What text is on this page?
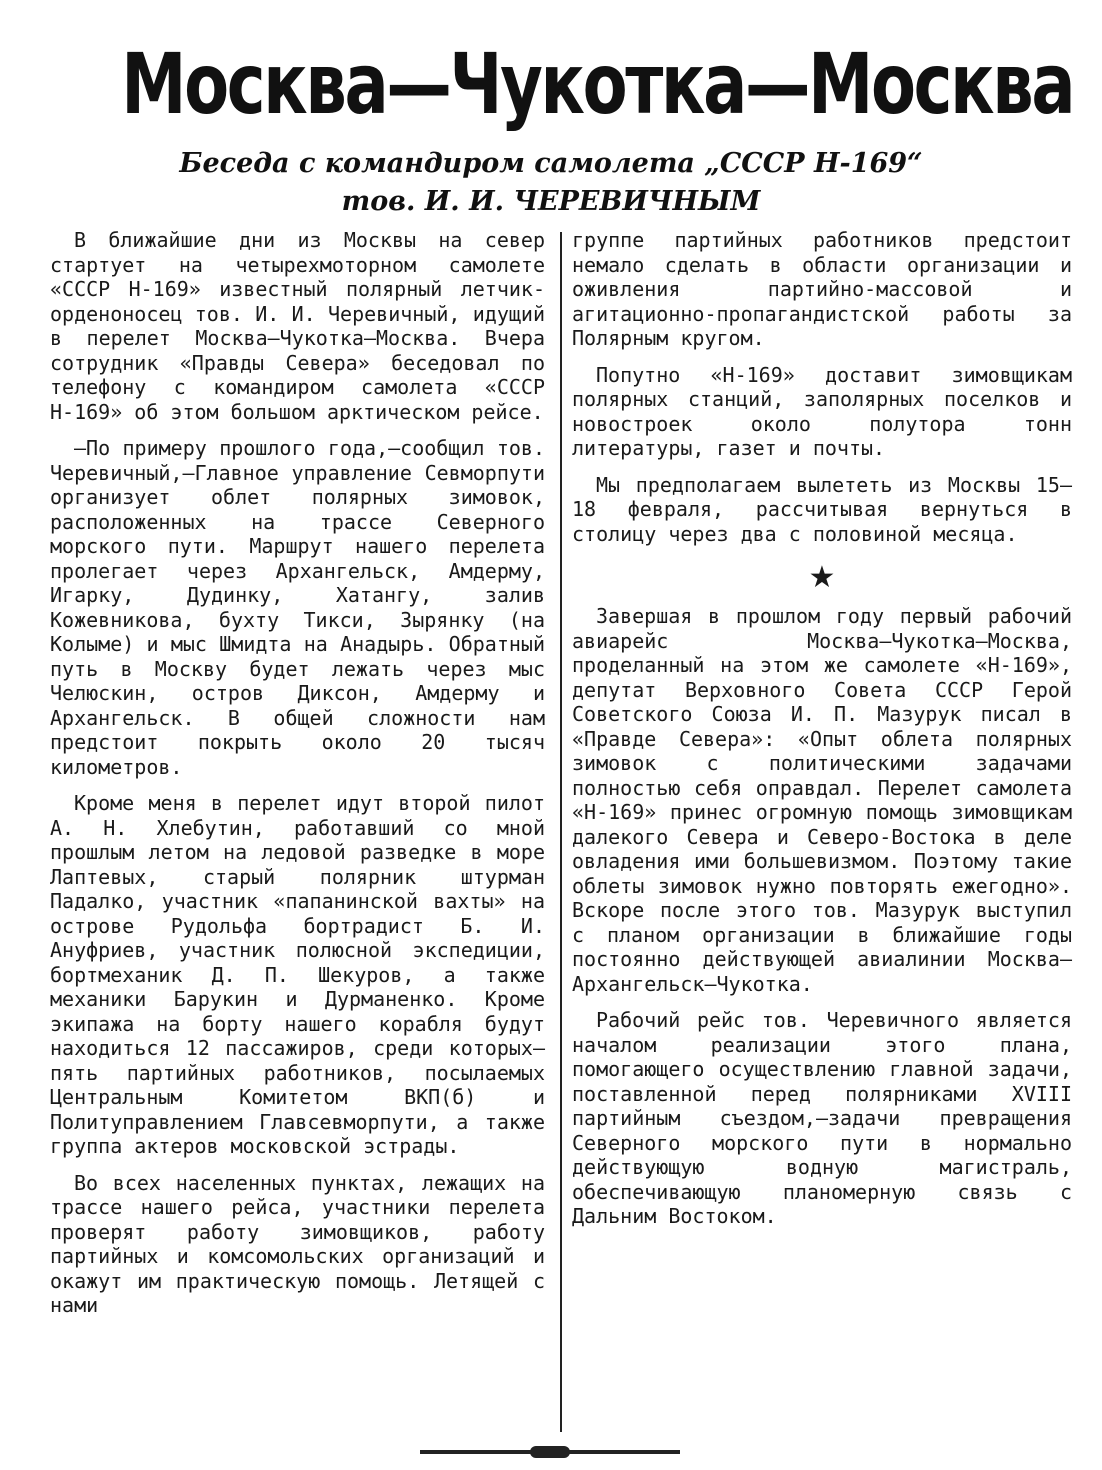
Москва—Чукотка—Москва
Беседа с командиром самолета „СССР Н-169“
тов. И. И. ЧЕРЕВИЧНЫМ

В ближайшие дни из Москвы на север стартует на четырехмоторном самолете «СССР Н-169» известный полярный летчик-орденоносец тов. И. И. Черевичный, идущий в перелет Москва—Чукотка—Москва. Вчера сотрудник «Правды Севера» беседовал по телефону с командиром самолета «СССР Н-169» об этом большом арктическом рейсе.

—По примеру прошлого года,—сообщил тов. Черевичный,—Главное управление Севморпути организует облет полярных зимовок, расположенных на трассе Северного морского пути. Маршрут нашего перелета пролегает через Архангельск, Амдерму, Игарку, Дудинку, Хатангу, залив Кожевникова, бухту Тикси, Зырянку (на Колыме) и мыс Шмидта на Анадырь. Обратный путь в Москву будет лежать через мыс Челюскин, остров Диксон, Амдерму и Архангельск. В общей сложности нам предстоит покрыть около 20 тысяч километров.

Кроме меня в перелет идут второй пилот А. Н. Хлебутин, работавший со мной прошлым летом на ледовой разведке в море Лаптевых, старый полярник штурман Падалко, участник «папанинской вахты» на острове Рудольфа бортрадист Б. И. Ануфриев, участник полюсной экспедиции, бортмеханик Д. П. Шекуров, а также механики Барукин и Дурманенко. Кроме экипажа на борту нашего корабля будут находиться 12 пассажиров, среди которых—пять партийных работников, посылаемых Центральным Комитетом ВКП(б) и Политуправлением Главсевморпути, а также группа актеров московской эстрады.

Во всех населенных пунктах, лежащих на трассе нашего рейса, участники перелета проверят работу зимовщиков, работу партийных и комсомольских организаций и окажут им практическую помощь. Летящей с нами

группе партийных работников предстоит немало сделать в области организации и оживления партийно-массовой и агитационно-пропагандистской работы за Полярным кругом.

Попутно «Н-169» доставит зимовщикам полярных станций, заполярных поселков и новостроек около полутора тонн литературы, газет и почты.

Мы предполагаем вылететь из Москвы 15—18 февраля, рассчитывая вернуться в столицу через два с половиной месяца.

★

Завершая в прошлом году первый рабочий авиарейс Москва—Чукотка—Москва, проделанный на этом же самолете «Н-169», депутат Верховного Совета СССР Герой Советского Союза И. П. Мазурук писал в «Правде Севера»: «Опыт облета полярных зимовок с политическими задачами полностью себя оправдал. Перелет самолета «Н-169» принес огромную помощь зимовщикам далекого Севера и Северо-Востока в деле овладения ими большевизмом. Поэтому такие облеты зимовок нужно повторять ежегодно». Вскоре после этого тов. Мазурук выступил с планом организации в ближайшие годы постоянно действующей авиалинии Москва—Архангельск—Чукотка.

Рабочий рейс тов. Черевичного является началом реализации этого плана, помогающего осуществлению главной задачи, поставленной перед полярниками XVIII партийным съездом,—задачи превращения Северного морского пути в нормально действующую водную магистраль, обеспечивающую планомерную связь с Дальним Востоком.
